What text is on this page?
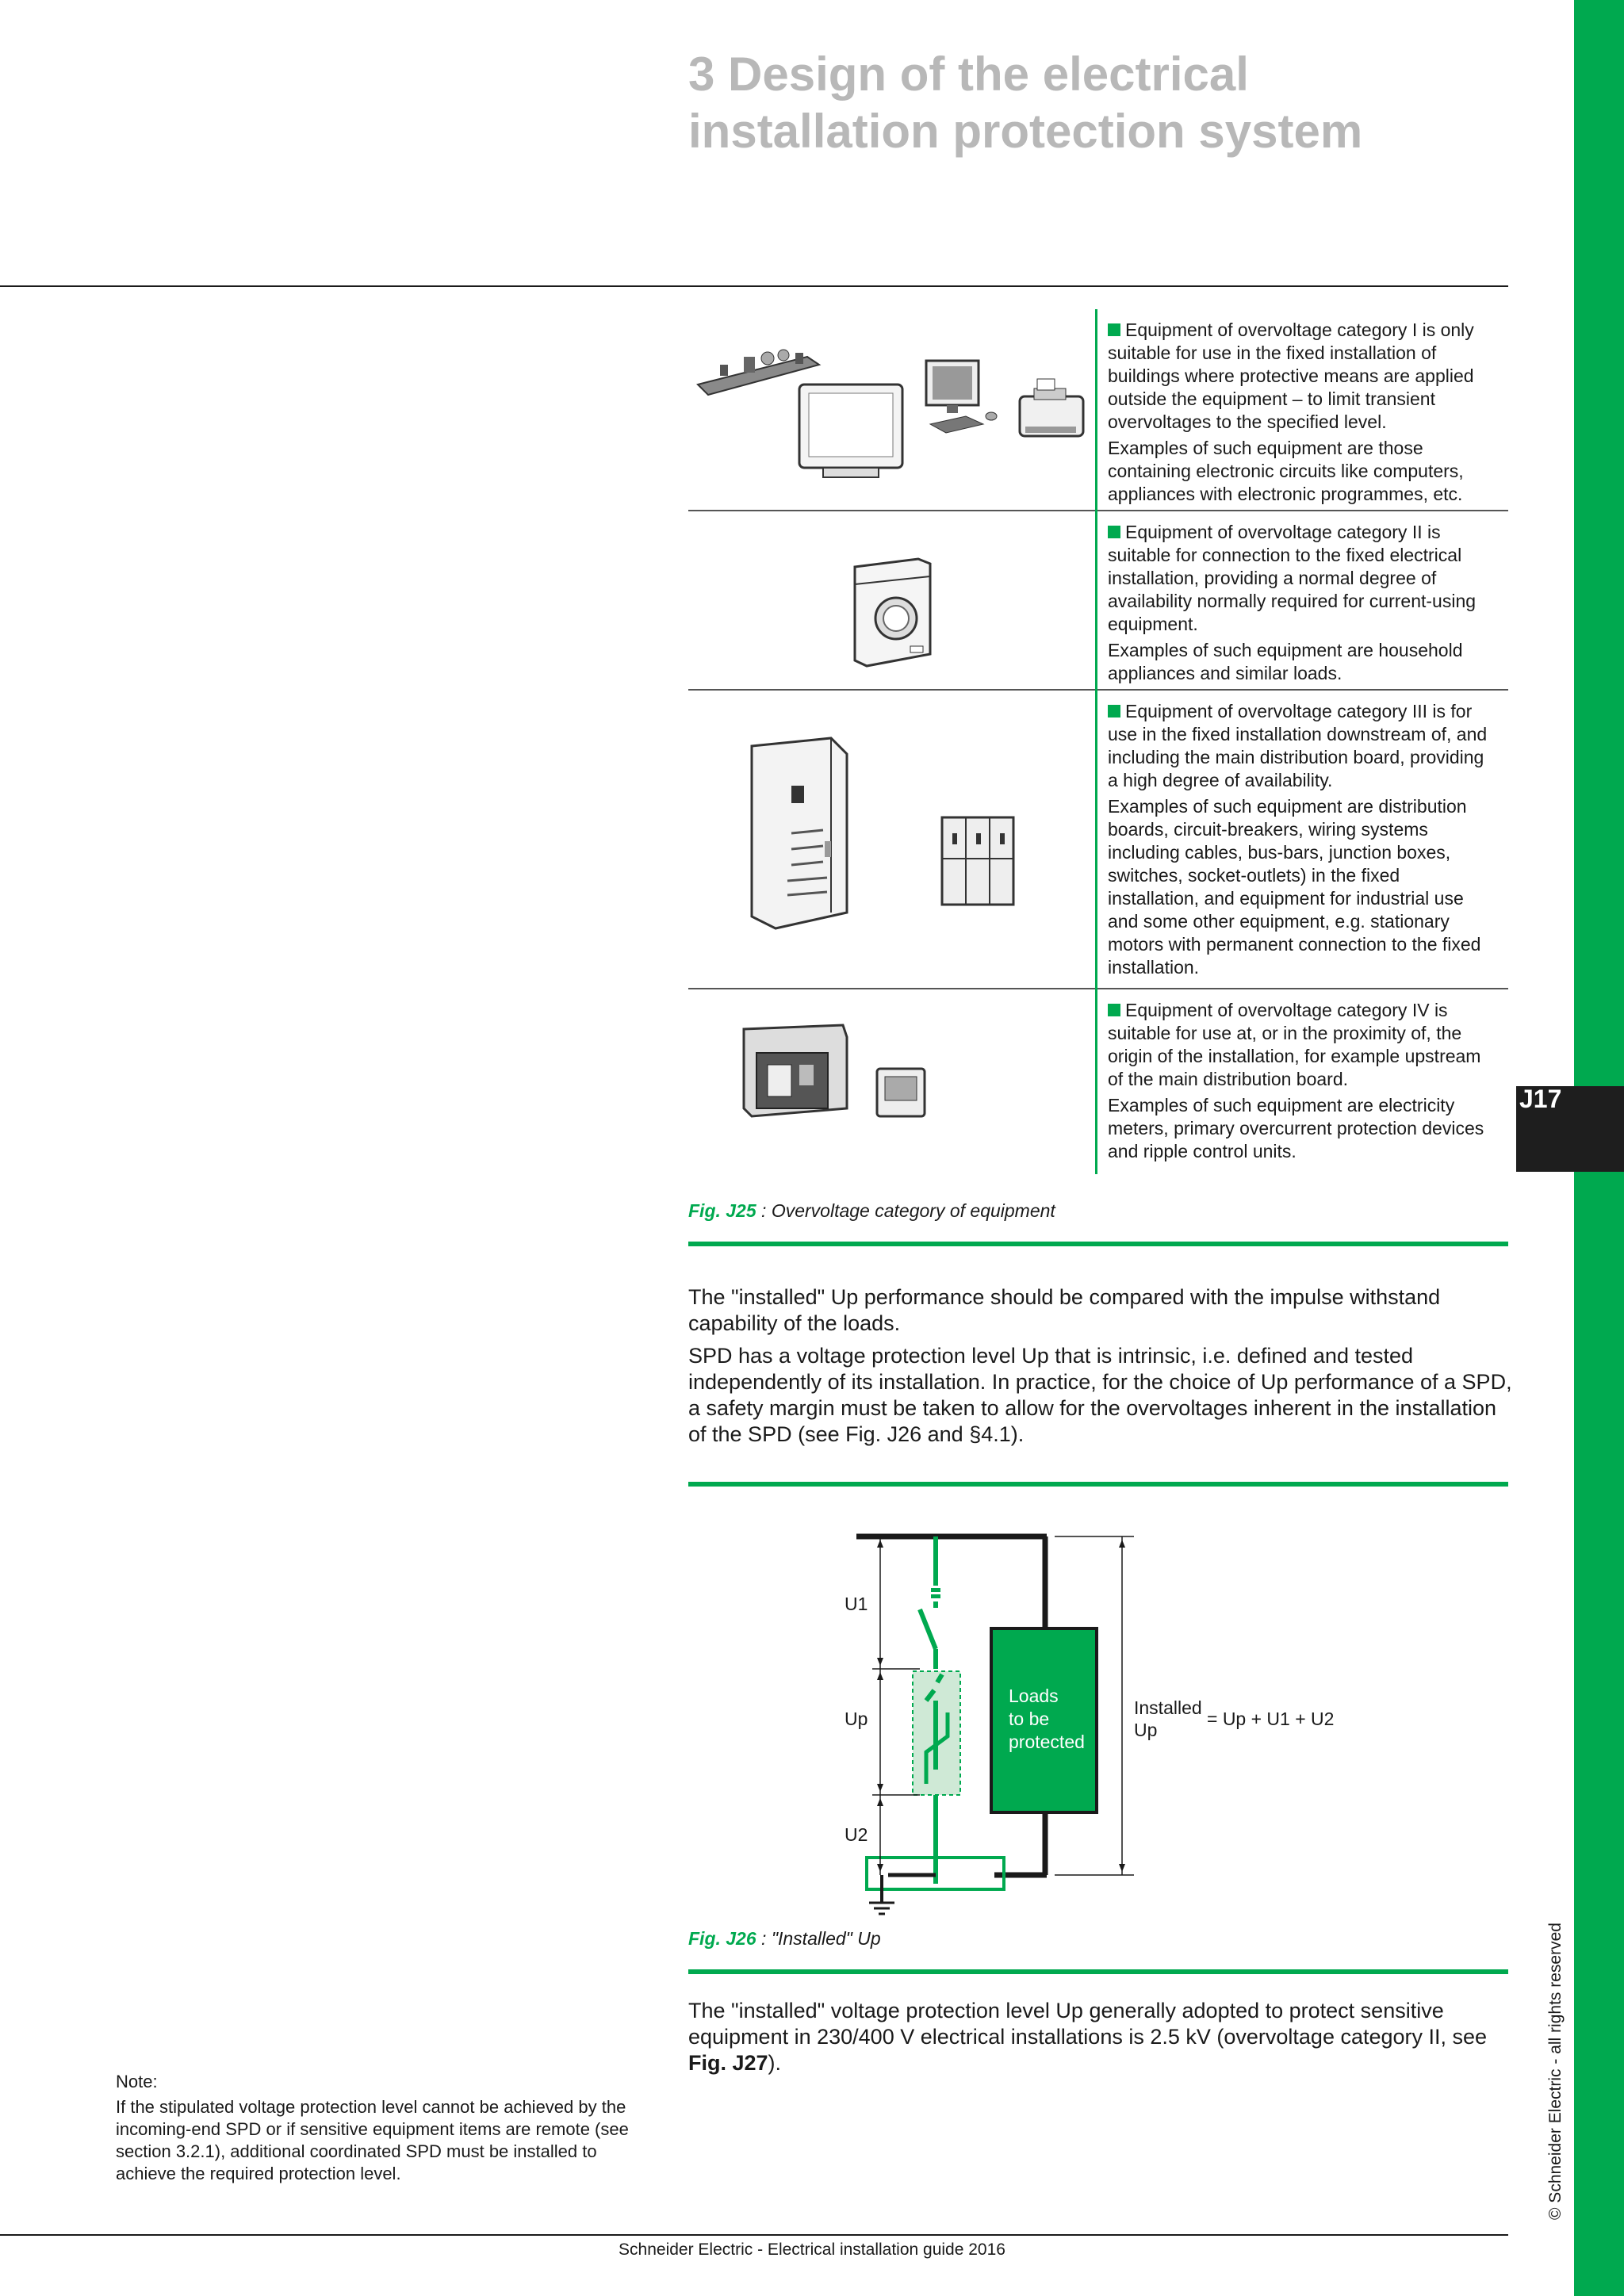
J17
© Schneider Electric - all rights reserved
3 Design of the electrical
installation protection system

Equipment of overvoltage category I is only suitable for use in the fixed installation of buildings where protective means are applied outside the equipment – to limit transient overvoltages to the specified level.

Examples of such equipment are those containing electronic circuits like computers, appliances with electronic programmes, etc.

Equipment of overvoltage category II is suitable for connection to the fixed electrical installation, providing a normal degree of availability normally required for current-using equipment.

Examples of such equipment are household appliances and similar loads.

Equipment of overvoltage category III is for use in the fixed installation downstream of, and including the main distribution board, providing a high degree of availability.

Examples of such equipment are distribution boards, circuit-breakers, wiring systems including cables, bus-bars, junction boxes, switches, socket-outlets) in the fixed installation, and equipment for industrial use and some other equipment, e.g. stationary motors with permanent connection to the fixed installation.

Equipment of overvoltage category IV is suitable for use at, or in the proximity of, the origin of the installation, for example upstream of the main distribution board.

Examples of such equipment are electricity meters, primary overcurrent protection devices and ripple control units.

Fig. J25 : Overvoltage category of equipment

The "installed" Up performance should be compared with the impulse withstand capability of the loads.

SPD has a voltage protection level Up that is intrinsic, i.e. defined and tested independently of its installation. In practice, for the choice of Up performance of a SPD, a safety margin must be taken to allow for the overvoltages inherent in the installation of the SPD (see Fig. J26 and §4.1).

Loads
to be
protected
U1
Up
U2
Installed
Up
= Up + U1 + U2
Fig. J26 : "Installed" Up

The "installed" voltage protection level Up generally adopted to protect sensitive equipment in 230/400 V electrical installations is 2.5 kV (overvoltage category II, see Fig. J27).

Note:
If the stipulated voltage protection level cannot be achieved by the incoming-end SPD or if sensitive equipment items are remote (see section 3.2.1), additional coordinated SPD must be installed to achieve the required protection level.
Schneider Electric - Electrical installation guide 2016
